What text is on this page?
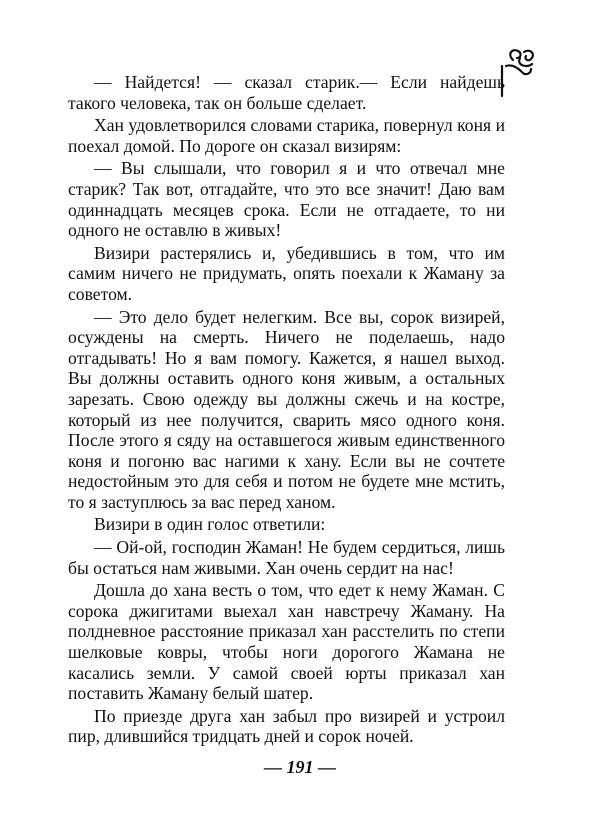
— Найдется! — сказал старик.— Если найдешь такого человека, так он больше сделает.

Хан удовлетворился словами старика, повернул коня и поехал домой. По дороге он сказал визирям:

— Вы слышали, что говорил я и что отвечал мне старик? Так вот, отгадайте, что это все значит! Даю вам одиннадцать месяцев срока. Если не отгадаете, то ни одного не оставлю в живых!

Визири растерялись и, убедившись в том, что им самим ничего не придумать, опять поехали к Жаману за советом.

— Это дело будет нелегким. Все вы, сорок визирей, осуждены на смерть. Ничего не поделаешь, надо отгадывать! Но я вам помогу. Кажется, я нашел выход. Вы должны оставить одного коня живым, а остальных зарезать. Свою одежду вы должны сжечь и на костре, который из нее получится, сварить мясо одного коня. После этого я сяду на оставшегося живым единственного коня и погоню вас нагими к хану. Если вы не сочтете недостойным это для себя и потом не будете мне мстить, то я заступлюсь за вас перед ханом.

Визири в один голос ответили:

— Ой-ой, господин Жаман! Не будем сердиться, лишь бы остаться нам живыми. Хан очень сердит на нас!

Дошла до хана весть о том, что едет к нему Жаман. С сорока джигитами выехал хан навстречу Жаману. На полдневное расстояние приказал хан расстелить по степи шелковые ковры, чтобы ноги дорогого Жамана не касались земли. У самой своей юрты приказал хан поставить Жаману белый шатер.

По приезде друга хан забыл про визирей и устроил пир, длившийся тридцать дней и сорок ночей.

— 191 —
